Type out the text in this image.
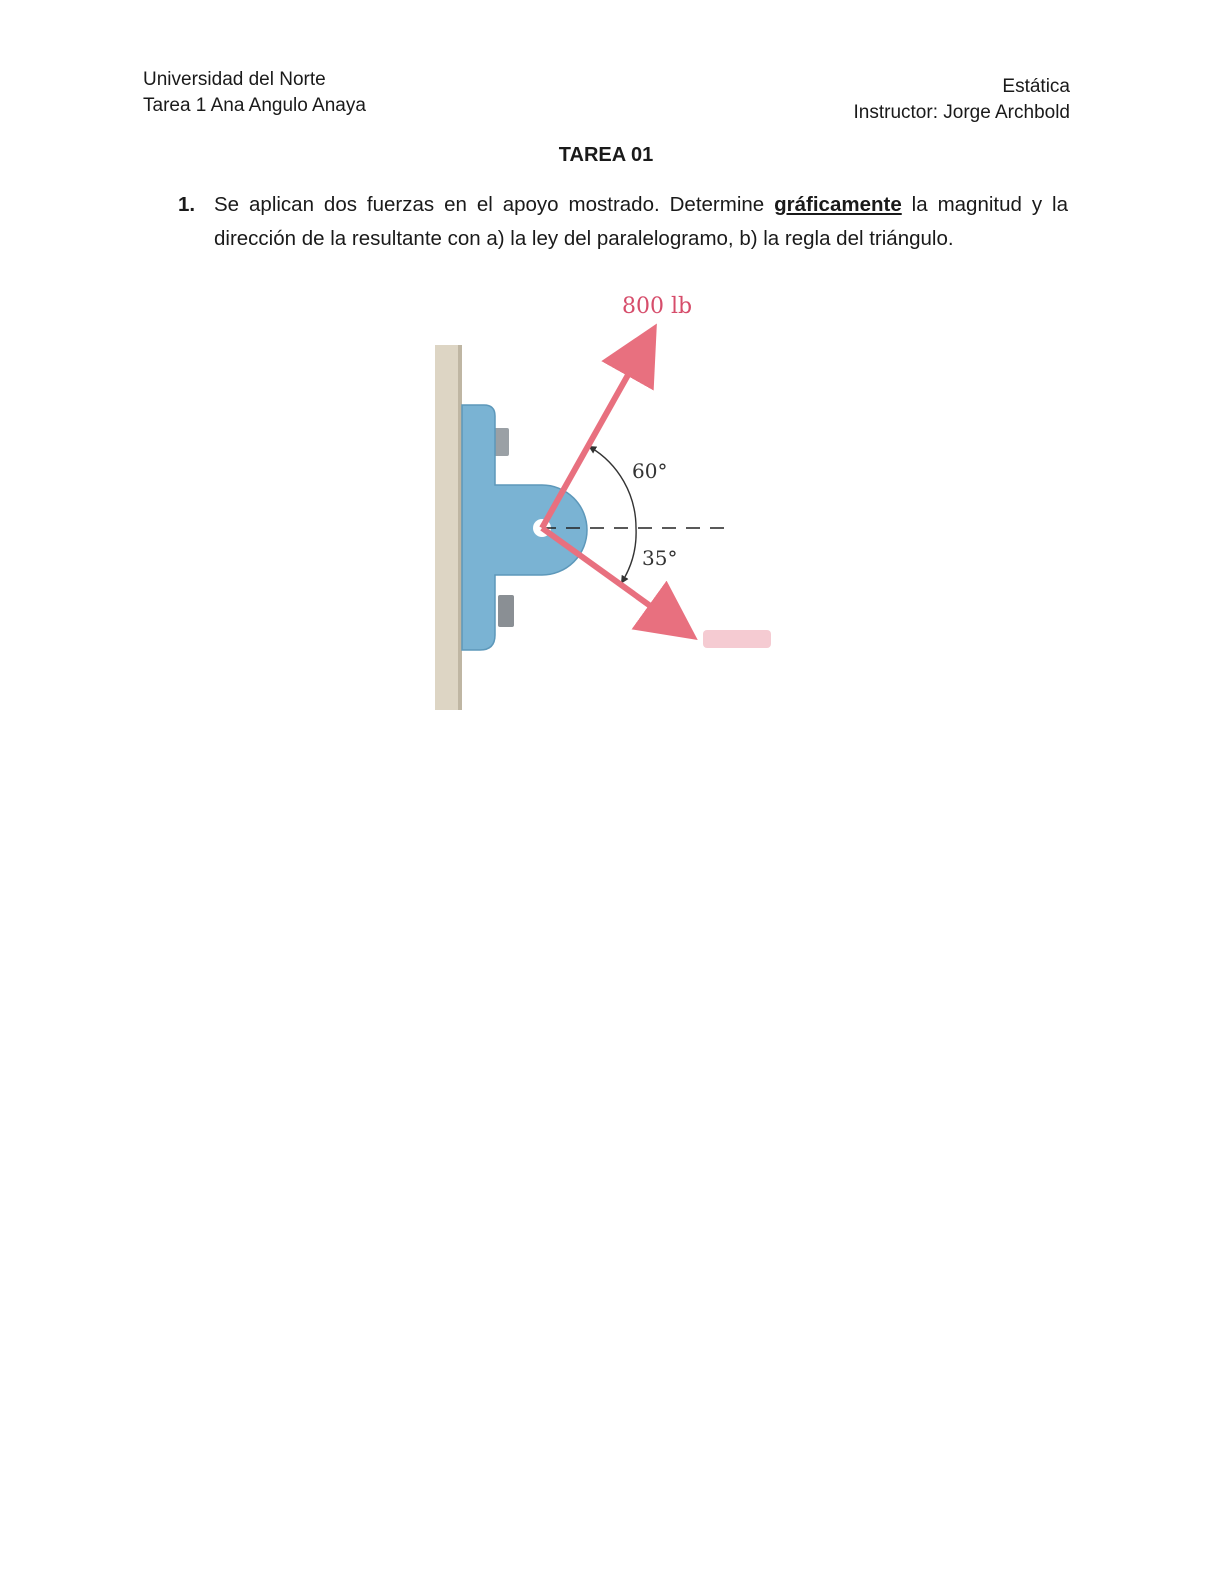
Universidad del Norte
Tarea 1 Ana Angulo Anaya
Estática
Instructor: Jorge Archbold
TAREA 01
1. Se aplican dos fuerzas en el apoyo mostrado. Determine gráficamente la magnitud y la dirección de la resultante con a) la ley del paralelogramo, b) la regla del triángulo.
800 lb
60°
35°
